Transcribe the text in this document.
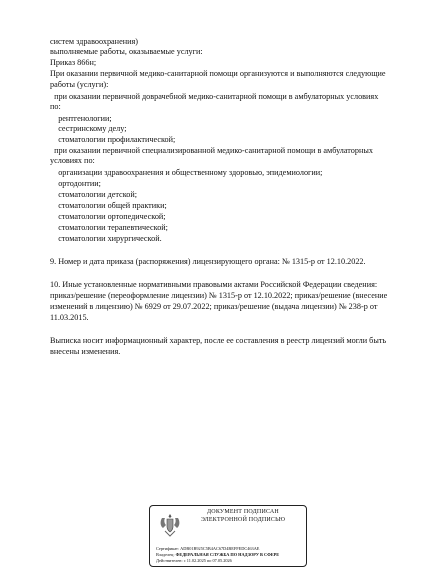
систем здравоохранения)

выполняемые работы, оказываемые услуги:

Приказ 866н;

При оказании первичной медико-санитарной помощи организуются и выполняются следующие

работы (услуги):

при оказании первичной доврачебной медико-санитарной помощи в амбулаторных условиях

по:

рентгенологии;

сестринскому делу;

стоматологии профилактической;

при оказании первичной специализированной медико-санитарной помощи в амбулаторных

условиях по:

организации здравоохранения и общественному здоровью, эпидемиологии;

ортодонтии;

стоматологии детской;

стоматологии общей практики;

стоматологии ортопедической;

стоматологии терапевтической;

стоматологии хирургической.

9. Номер и дата приказа (распоряжения) лицензирующего органа: № 1315-р от 12.10.2022.

10. Иные установленные нормативными правовыми актами Российской Федерации сведения:

приказ/решение (переоформление лицензии) № 1315-р от 12.10.2022; приказ/решение (внесение

изменений в лицензию) № 6929 от 29.07.2022; приказ/решение (выдача лицензии) № 238-р от

11.03.2015.

Выписка носит информационный характер, после ее составления в реестр лицензий могли быть

внесены изменения.

ДОКУМЕНТ ПОДПИСАН
ЭЛЕКТРОННОЙ ПОДПИСЬЮ
Сертификат: ADB01B925C5B4AC67D4BEFFEDC463AE
Владелец: ФЕДЕРАЛЬНАЯ СЛУЖБА ПО НАДЗОРУ В СФЕРЕ
Действителен: с 11.02.2025 по 07.05.2026
